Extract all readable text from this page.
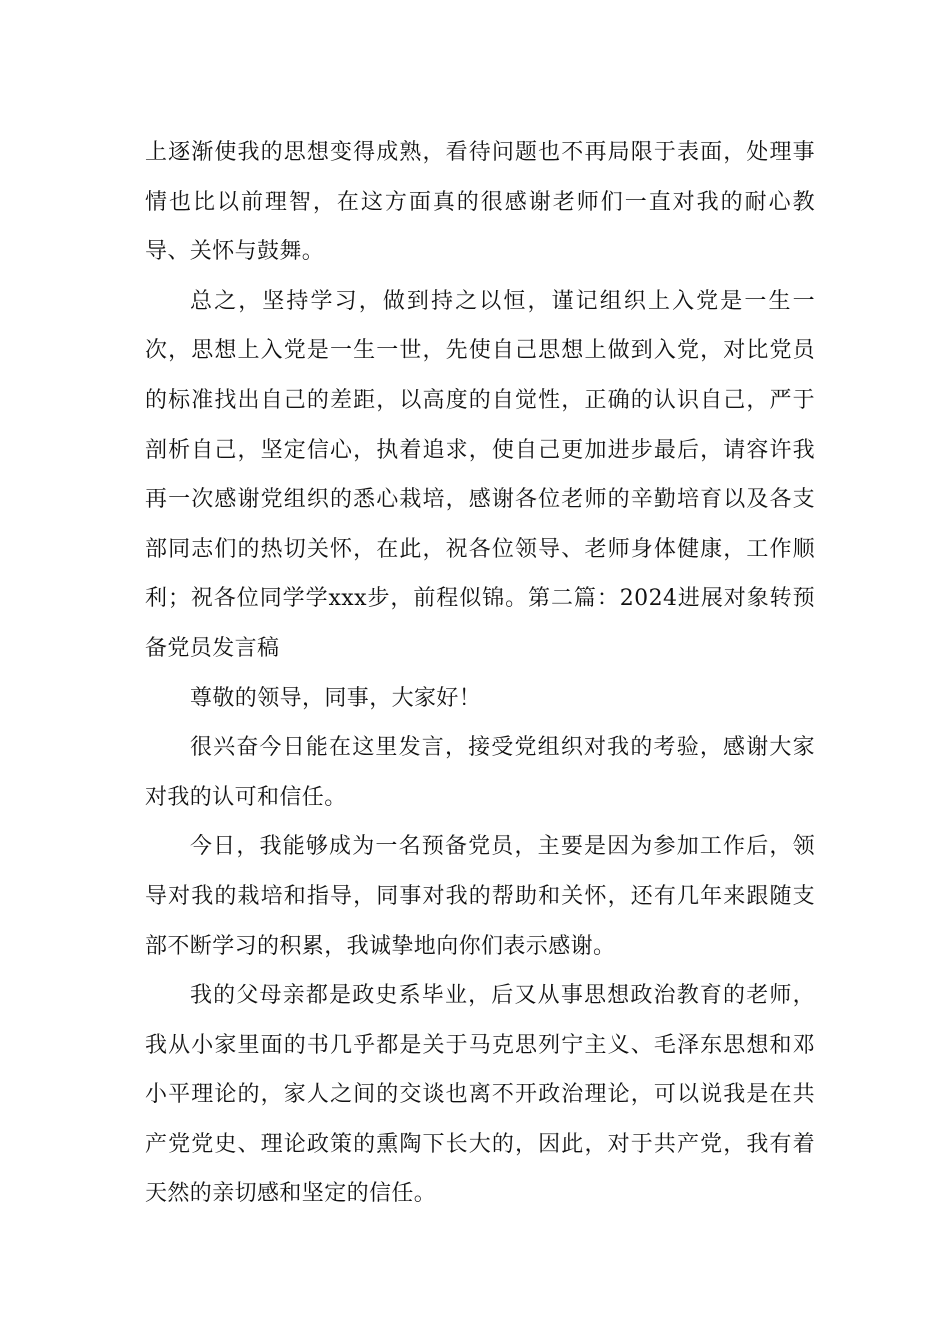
上逐渐使我的思想变得成熟，看待问题也不再局限于表面，处理事情也比以前理智，在这方面真的很感谢老师们一直对我的耐心教导、关怀与鼓舞。

总之，坚持学习，做到持之以恒，谨记组织上入党是一生一次，思想上入党是一生一世，先使自己思想上做到入党，对比党员的标准找出自己的差距，以高度的自觉性，正确的认识自己，严于剖析自己，坚定信心，执着追求，使自己更加进步最后，请容许我再一次感谢党组织的悉心栽培，感谢各位老师的辛勤培育以及各支部同志们的热切关怀，在此，祝各位领导、老师身体健康，工作顺利；祝各位同学学xxx步，前程似锦。第二篇：2024进展对象转预备党员发言稿

尊敬的领导，同事，大家好！

很兴奋今日能在这里发言，接受党组织对我的考验，感谢大家对我的认可和信任。

今日，我能够成为一名预备党员，主要是因为参加工作后，领导对我的栽培和指导，同事对我的帮助和关怀，还有几年来跟随支部不断学习的积累，我诚挚地向你们表示感谢。

我的父母亲都是政史系毕业，后又从事思想政治教育的老师，我从小家里面的书几乎都是关于马克思列宁主义、毛泽东思想和邓小平理论的，家人之间的交谈也离不开政治理论，可以说我是在共产党党史、理论政策的熏陶下长大的，因此，对于共产党，我有着天然的亲切感和坚定的信任。
